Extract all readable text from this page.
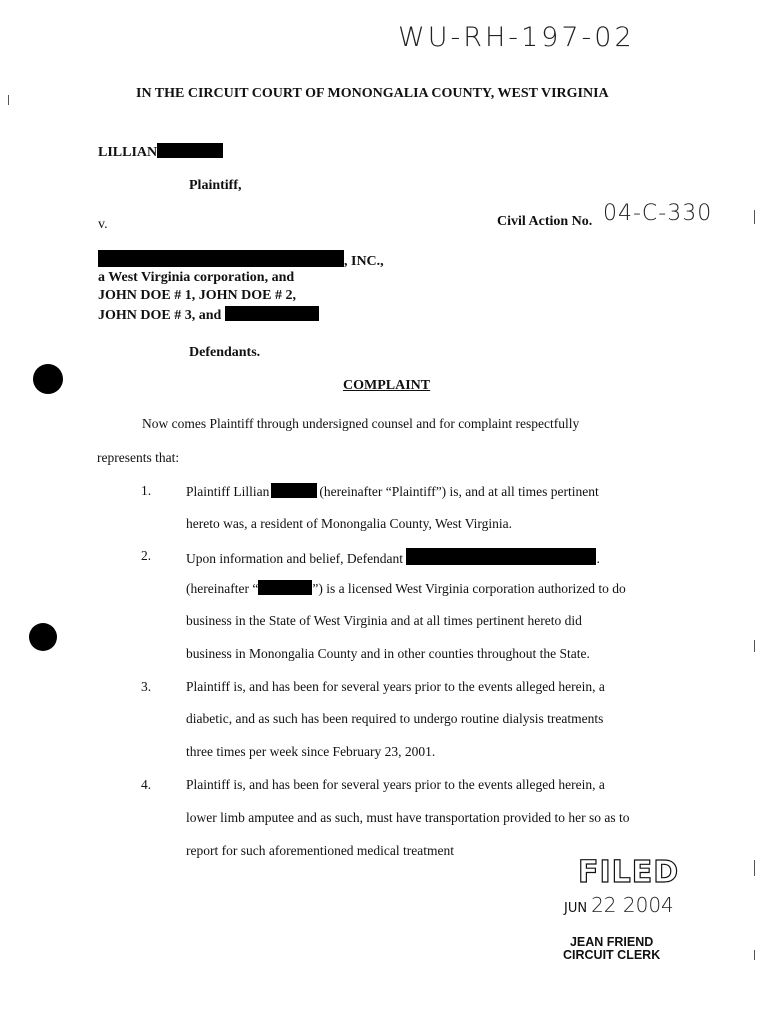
WU-RH-197-02
IN THE CIRCUIT COURT OF MONONGALIA COUNTY, WEST VIRGINIA
LILLIAN
Plaintiff,
v.	Civil Action No. 04-C-330
, INC.,
a West Virginia corporation, and
JOHN DOE # 1, JOHN DOE # 2,
JOHN DOE # 3, and
Defendants.
COMPLAINT
Now comes Plaintiff through undersigned counsel and for complaint respectfully
represents that:
1.	Plaintiff Lillian	(hereinafter “Plaintiff”) is, and at all times pertinent
hereto was, a resident of Monongalia County, West Virginia.
2.	Upon information and belief, Defendant	.
(hereinafter “	”) is a licensed West Virginia corporation authorized to do
business in the State of West Virginia and at all times pertinent hereto did
business in Monongalia County and in other counties throughout the State.
3.	Plaintiff is, and has been for several years prior to the events alleged herein, a
diabetic, and as such has been required to undergo routine dialysis treatments
three times per week since February 23, 2001.
4.	Plaintiff is, and has been for several years prior to the events alleged herein, a
lower limb amputee and as such, must have transportation provided to her so as to
report for such aforementioned medical treatment
FILED
JUN 22 2004
JEAN FRIEND
CIRCUIT CLERK
